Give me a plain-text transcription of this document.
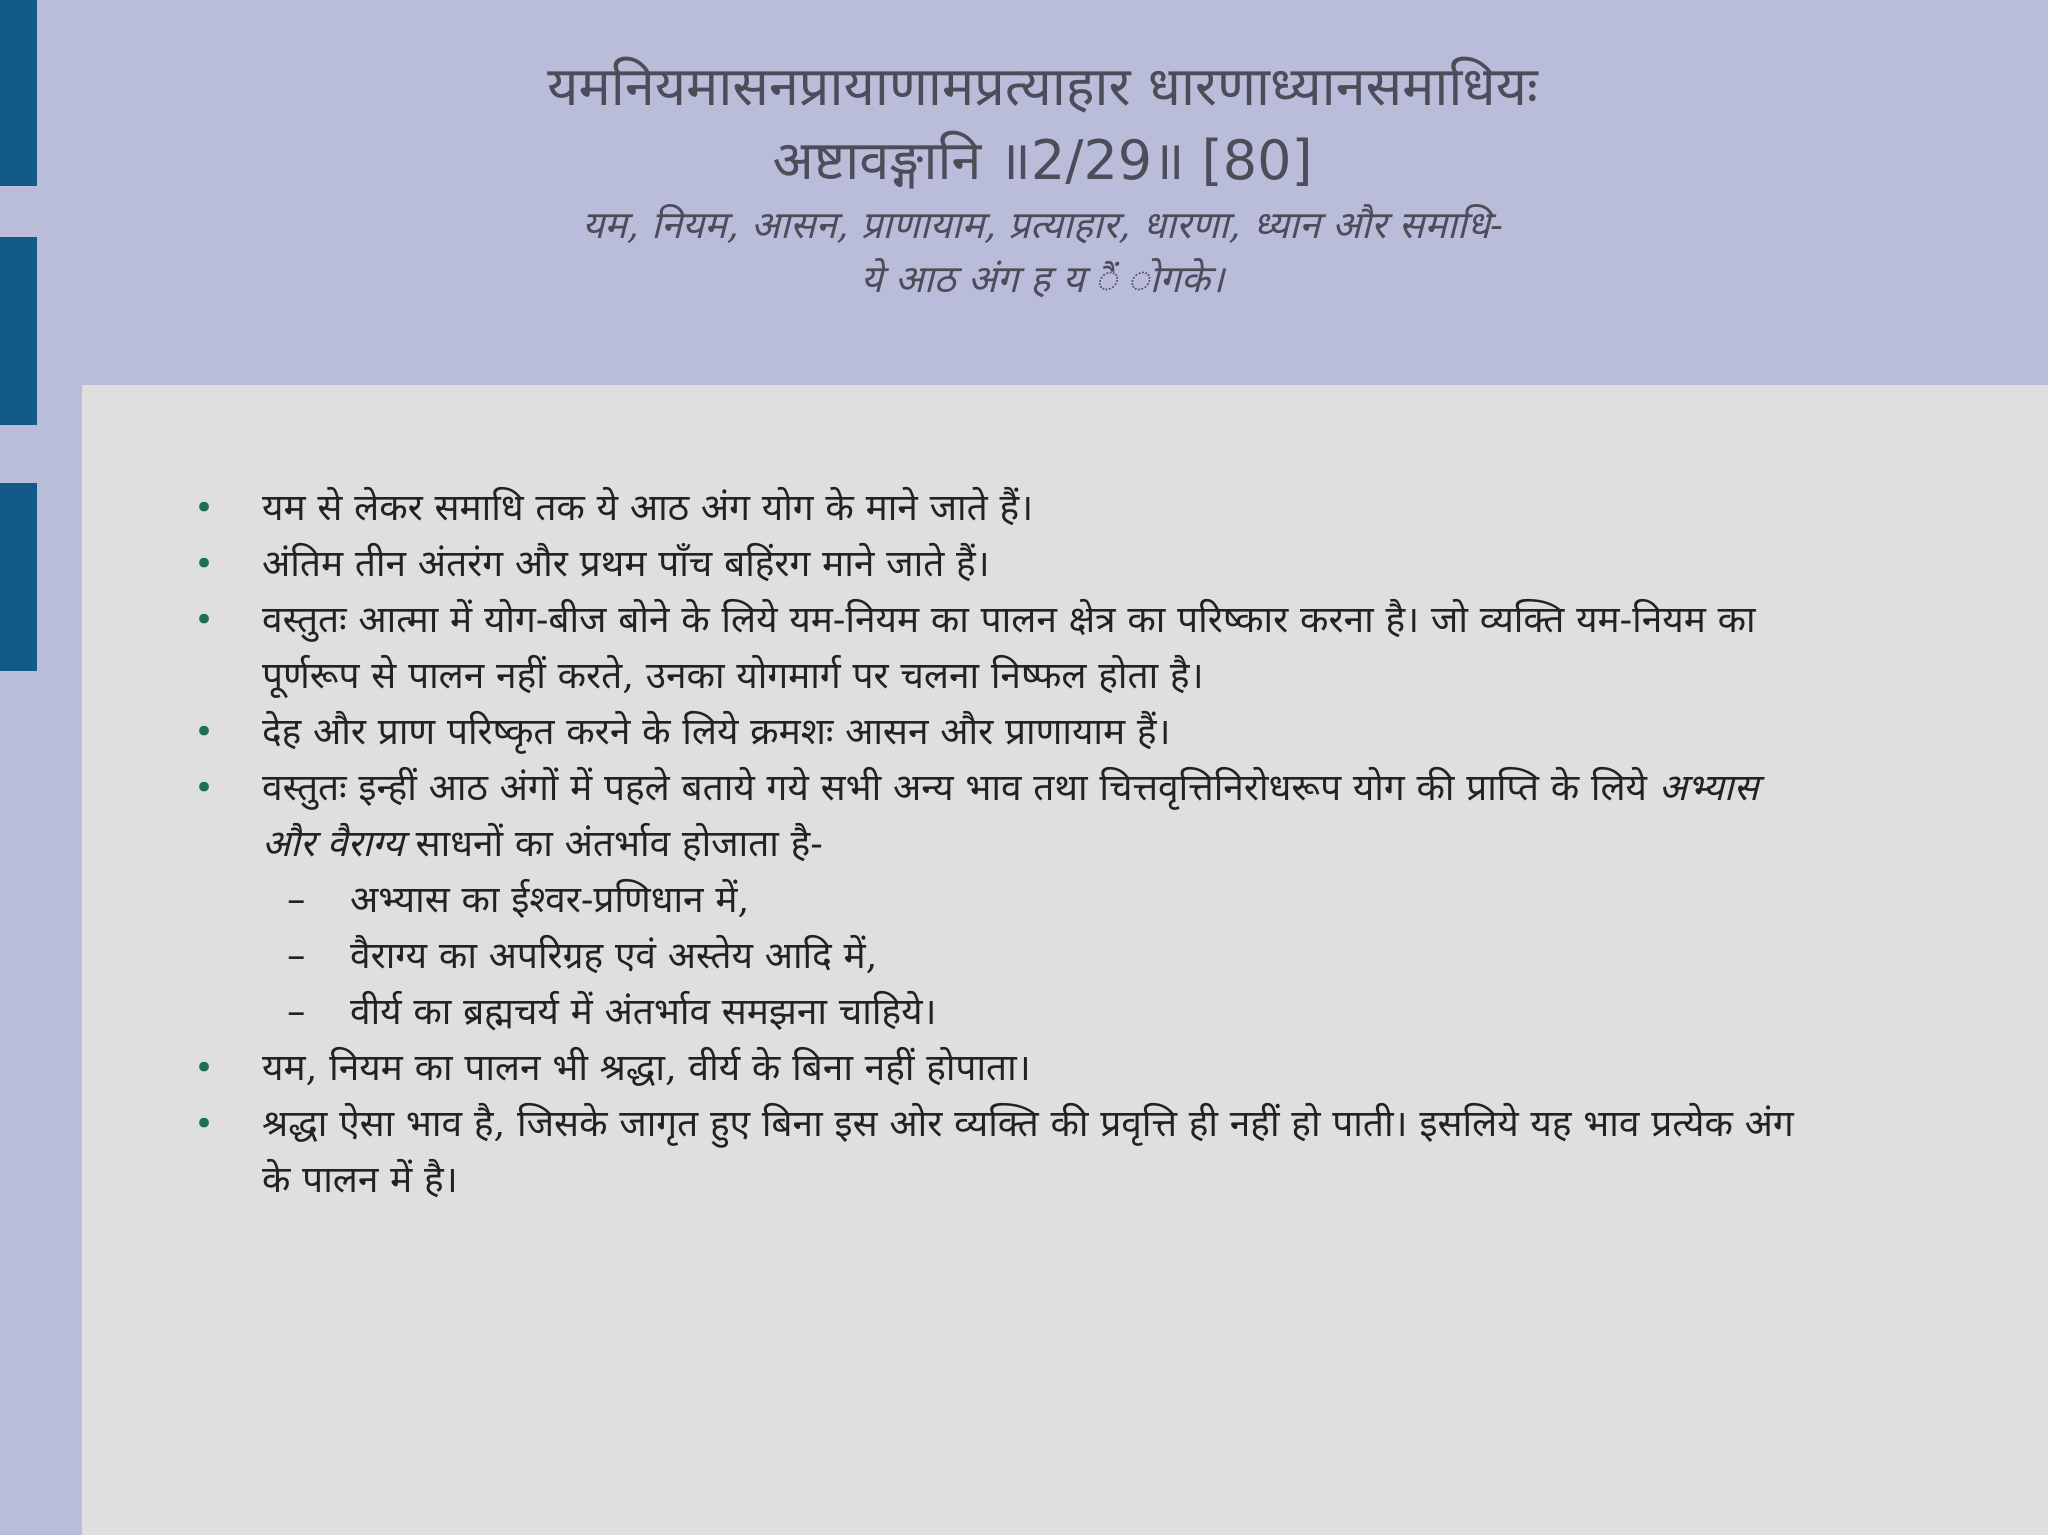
यमनियमासनप्रायाणामप्रत्याहार धारणाध्यानसमाधियः
अष्टावङ्गानि ॥2/29॥ [80]
यम, नियम, आसन, प्राणायाम, प्रत्याहार, धारणा, ध्यान और समाधि-
ये आठ अंग ह य ैं ोगके।
• यम से लेकर समाधि तक ये आठ अंग योग के माने जाते हैं।
• अंतिम तीन अंतरंग और प्रथम पाँच बहिंरग माने जाते हैं।
• वस्तुतः आत्मा में योग-बीज बोने के लिये यम-नियम का पालन क्षेत्र का परिष्कार करना है। जो व्यक्ति यम-नियम का पूर्णरूप से पालन नहीं करते, उनका योगमार्ग पर चलना निष्फल होता है।
• देह और प्राण परिष्कृत करने के लिये क्रमशः आसन और प्राणायाम हैं।
• वस्तुतः इन्हीं आठ अंगों में पहले बताये गये सभी अन्य भाव तथा चित्तवृत्तिनिरोधरूप योग की प्राप्ति के लिये अभ्यास और वैराग्य साधनों का अंतर्भाव होजाता है-
– अभ्यास का ईश्वर-प्रणिधान में,
– वैराग्य का अपरिग्रह एवं अस्तेय आदि में,
– वीर्य का ब्रह्मचर्य में अंतर्भाव समझना चाहिये।
• यम, नियम का पालन भी श्रद्धा, वीर्य के बिना नहीं होपाता।
• श्रद्धा ऐसा भाव है, जिसके जागृत हुए बिना इस ओर व्यक्ति की प्रवृत्ति ही नहीं हो पाती। इसलिये यह भाव प्रत्येक अंग के पालन में है।
